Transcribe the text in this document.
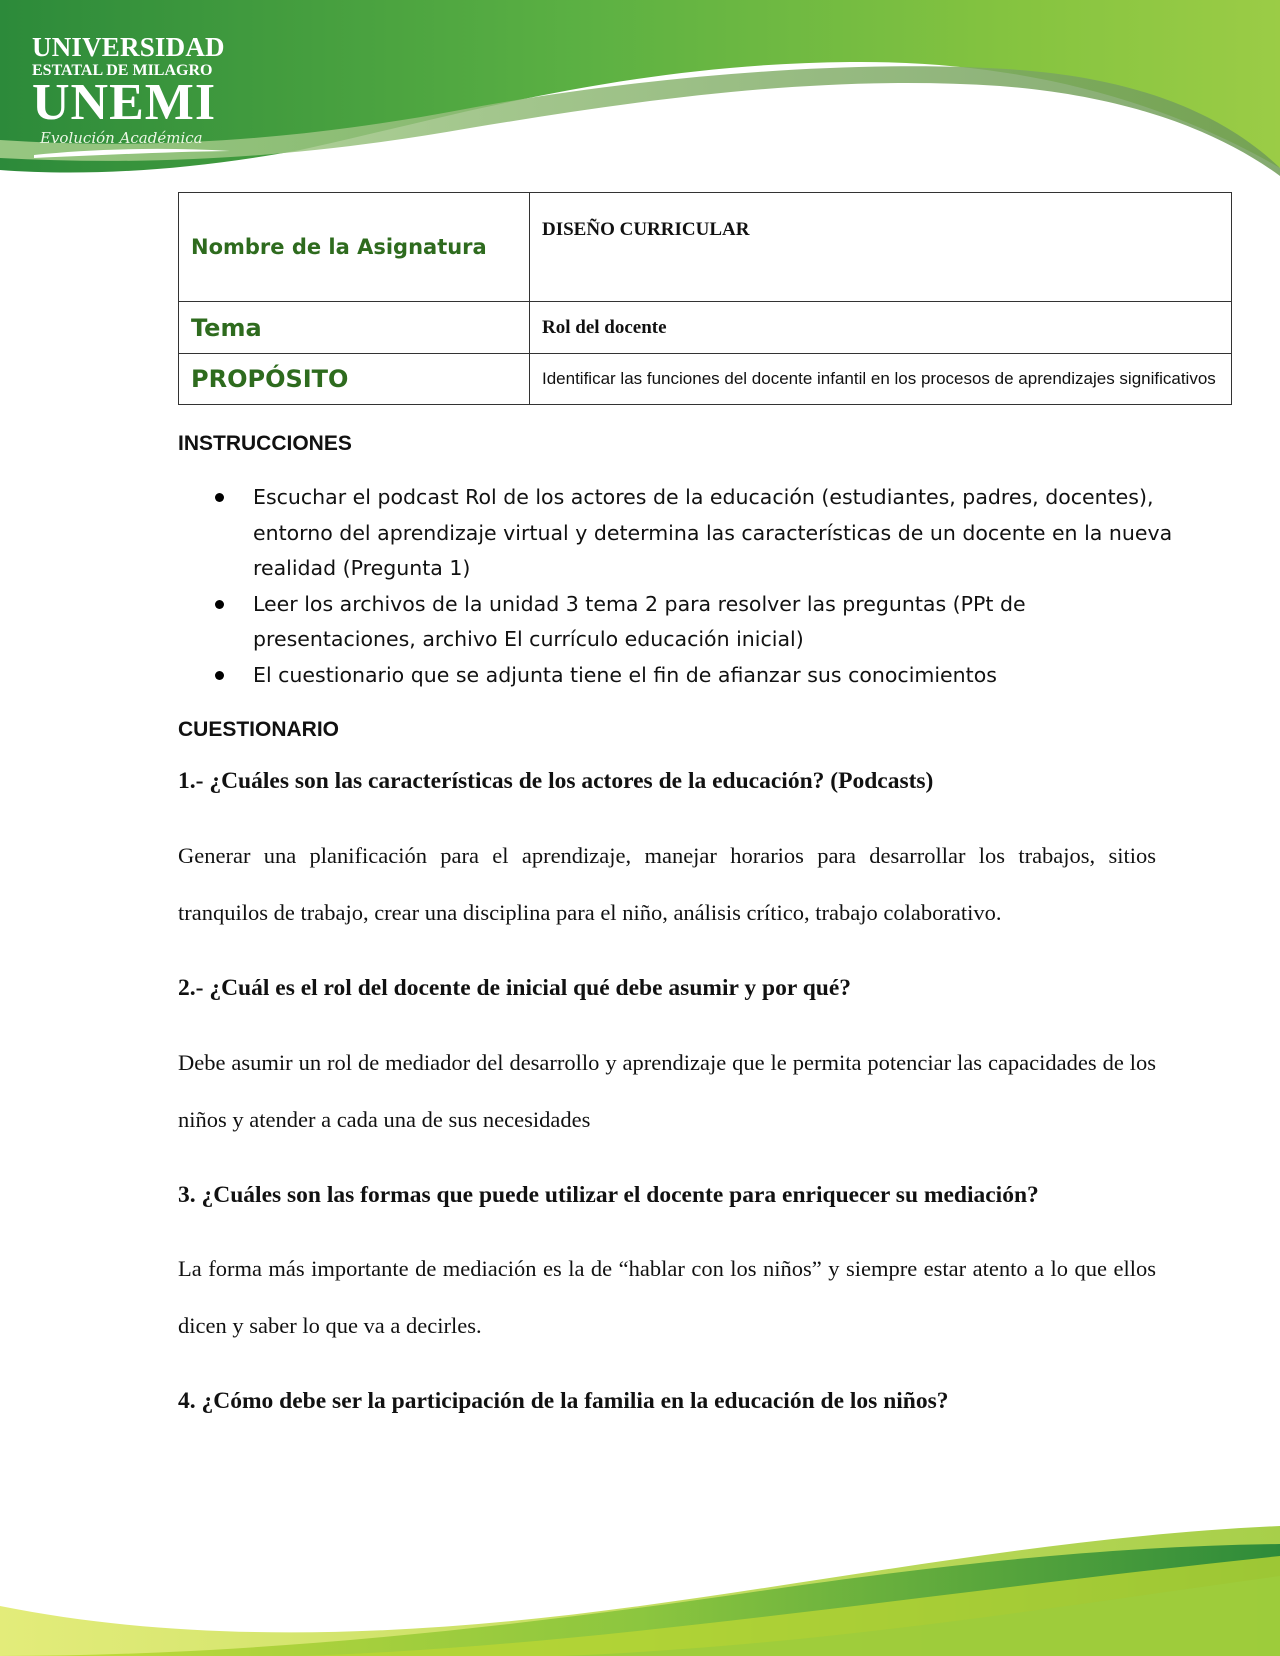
UNIVERSIDAD
ESTATAL DE MILAGRO
UNEMI
Evolución Académica
Nombre de la Asignatura	DISEÑO CURRICULAR
Tema	Rol del docente
PROPÓSITO	Identificar las funciones del docente infantil en los procesos de aprendizajes significativos
INSTRUCCIONES
Escuchar el podcast Rol de los actores de la educación (estudiantes, padres, docentes), entorno del aprendizaje virtual y determina las características de un docente en la nueva realidad (Pregunta 1)
Leer los archivos de la unidad 3 tema 2 para resolver las preguntas (PPt de presentaciones, archivo El currículo educación inicial)
El cuestionario que se adjunta tiene el fin de afianzar sus conocimientos
CUESTIONARIO
1.- ¿Cuáles son las características de los actores de la educación? (Podcasts)

Generar una planificación para el aprendizaje, manejar horarios para desarrollar los trabajos, sitios tranquilos de trabajo, crear una disciplina para el niño, análisis crítico, trabajo colaborativo.

2.- ¿Cuál es el rol del docente de inicial qué debe asumir y por qué?

Debe asumir un rol de mediador del desarrollo y aprendizaje que le permita potenciar las capacidades de los niños y atender a cada una de sus necesidades

3. ¿Cuáles son las formas que puede utilizar el docente para enriquecer su mediación?

La forma más importante de mediación es la de “hablar con los niños” y siempre estar atento a lo que ellos dicen y saber lo que va a decirles.

4. ¿Cómo debe ser la participación de la familia en la educación de los niños?
